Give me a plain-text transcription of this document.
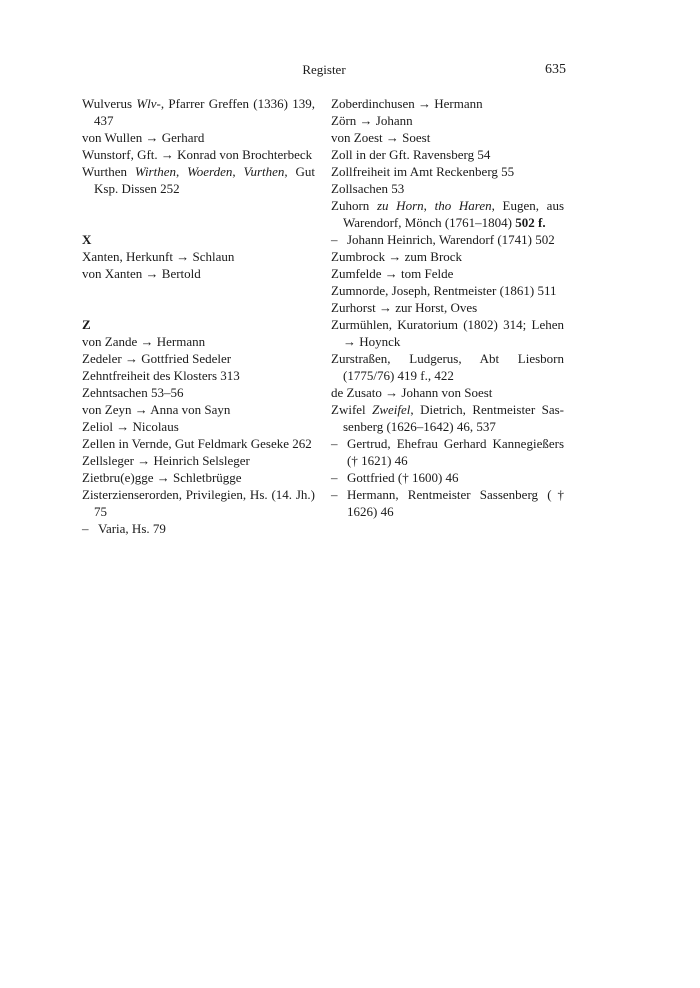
Register	635

Wulverus Wlv-, Pfarrer Greffen (1336) 139, 437

von Wullen → Gerhard

Wunstorf, Gft. → Konrad von Brochterbeck

Wurthen Wirthen, Woerden, Vurthen, Gut Ksp. Dissen 252

X

Xanten, Herkunft → Schlaun

von Xanten → Bertold

Z

von Zande → Hermann

Zedeler → Gottfried Sedeler

Zehntfreiheit des Klosters 313

Zehntsachen 53–56

von Zeyn → Anna von Sayn

Zeliol → Nicolaus

Zellen in Vernde, Gut Feldmark Geseke 262

Zellsleger → Heinrich Selsleger

Zietbru(e)gge → Schletbrügge

Zisterzienserorden, Privilegien, Hs. (14. Jh.) 75

– Varia, Hs. 79

Zoberdinchusen → Hermann

Zörn → Johann

von Zoest → Soest

Zoll in der Gft. Ravensberg 54

Zollfreiheit im Amt Reckenberg 55

Zollsachen 53

Zuhorn zu Horn, tho Haren, Eugen, aus Warendorf, Mönch (1761–1804) 502 f.

– Johann Heinrich, Warendorf (1741) 502

Zumbrock → zum Brock

Zumfelde → tom Felde

Zumnorde, Joseph, Rentmeister (1861) 511

Zurhorst → zur Horst, Oves

Zurmühlen, Kuratorium (1802) 314; Lehen → Hoynck

Zurstraßen, Ludgerus, Abt Liesborn (1775/76) 419 f., 422

de Zusato → Johann von Soest

Zwifel Zweifel, Dietrich, Rentmeister Sassenberg (1626–1642) 46, 537

– Gertrud, Ehefrau Gerhard Kannegießers († 1621) 46

– Gottfried († 1600) 46

– Hermann, Rentmeister Sassenberg († 1626) 46
